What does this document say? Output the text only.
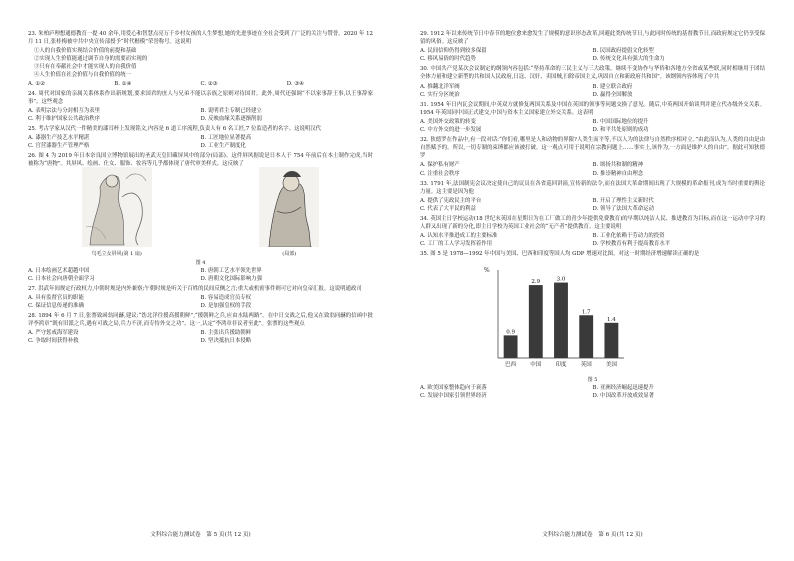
23. 朱柏庐理想通德教育一提 40 余年,用爱心和智慧点亮万千乡村女孩的人生梦想,她的先进事迹在全社会受到了广泛的关注与赞誉。2020 年 12 月 11 日,张桂梅被中共中央宣传部授予“时代楷模”荣誉称号。这说明

①人的自我价值实现结合价值的前提和基础
②实现人生价值能通过调节自身的需要而实现的
③只有在奉献社会中才能实现人的自我价值
④人生价值在社会价值与自我价值的统一
A. ①②	B. ①④	C. ②③	D. ③④

24. 周代对国家的亲属关系体系作出新规划,要求国君的庶人与兄弟不能以亲族之原则对待国君。此外,周代还强调“不以家事辞王事,以王事辞家事”。这些观念

A. 表明宗法与分封相互为表里	B. 说明君主专制已经建立
C. 利于维护国家公共政治秩序	D. 反映血缘关系逐渐削弱

25. 考古学家从汉代一件精美的漆耳杯上发现铭文,内容是 6 道工序流程,负责人有 6 名工匠,7 位监造者的名字。这说明汉代

A. 漆器生产技艺水平精湛	B. 工匠地位显著提高
C. 官营漆器生产管理严格	D. 工业生产制度化

26. 图 4 为 2019 年日本奈良国立博物馆展出的圣武天皇旧藏屏风中的部分(局部)。这件屏风据说是日本人于 754 年前后在本土制作完成,当时被称为“唐物”。其屏风、绘画、仕女、服饰、妆容等几乎都体现了唐代审美样式。这反映了

鸟毛立女屏风(第 1 扇)	(局部)
图 4
A. 日本绘画艺术超越中国	B. 唐朝工艺水平领先世界
C. 日本社会向唐朝全面学习	D. 唐朝文化国际影响力强

27. 洪武年间规定行政权力,中朝时规是内外兼察;午朝时规是听关于百姓的民间反侧之言;重大或机密事件则可它对向皇帝汇报。这说明通政司

A. 具有监督官员的职能	B. 容易造成官员专权
C. 保证信息传递的准确	D. 是加强皇权的手段

28. 1894 年 6 月 7 日,张謇致函翁同龢,建议:“饬北洋往援高援朝鲜”,“援朝鲜之兵,应由水陆两路”。在中日交战之后,他又在致翁同龢的信函中批评李鸿章“既有旧派之兵,遇有可战之局,兵力不济,而专恃外交之功”。这一,认定“李鸿章非议者至此”。张謇的这些观点

A. 严守惩戒海军建设	B. 主张出兵援助朝鲜
C. 争取时间获得补救	D. 坚决抵抗日本侵略

29. 1912 年以来传统节日中春节的地位愈来愈发生了规模的意识形态改革,回避此类传统节日,与此同时传统的基督教节日,而政府规定它仍享受保留的风俗。这反映了

A. 民间信仰仍得到较多保留	B. 民国政府提倡文化转型
C. 移风易俗的时代趋势	D. 传统文化具有强大的生命力

30. 中国共产党某次会议制定的纲领内容包括:“坚持革命的三民主义与三大政策。继续不变协作与华侨和各地方全省或某些联,同时相继用于团结全体力量和建立新型的共和国人民政府,日寇、汉奸、卖国贼,扫除帝国主义,巩固自立和新政府共和国”。该纲领内容体现了中共

A. 推翻北洋军阀	B. 建立联合政府
C. 实行分区统治	D. 赢得全国解放

31. 1954 年日内瓦会议期间,中英双方就修复两国关系及中国在英国的领事等问题交换了意见。随后,中英两国开始谈判并建立代办级外交关系。1954 年英国同中国正式建交,中国与资本主义国家建立外交关系。这表明

A. 美国外交政策的转变	B. 中国国际地位的提升
C. 中方外交的进一步发展	D. 和平共处原则的成功

32. 狄德罗在作品中,有一段对话:“你们看,哪里是人和动物的界限?人类生而平等,不以人为的法律与自然秩序相对立。”由此而认为,人类的自由是由自然赋予的。所以,一切专制的束缚都应该被打破。这一观点可用于说明在宗教问题上……事实上,该作为,一方面是维护人的自由”。据此可知狄德罗

A. 保护私有财产	B. 颂扬共和制的精神
C. 注重社会秩序	D. 推崇精神自由理念

33. 1791 年,法国制宪会议决定使自己的议员在各省巡回讲演,宣传新的法令,而在法国大革命期间出现了大规模的革命报刊,成为当时重要的舆论力量。这主要是因为他

A. 提供了宪政民主的平台	B. 开启了理性主义新时代
C. 代表了大平民的利益	D. 领导了法国大革命运动

34. 英国主日学校运动(18 世纪末英国在星期日为在工厂做工的青少年提供免费教育)的早期以纯洁人民、推进教育为目标,而在这一运动中学习的人群又出现了新的分化,即主日学校为英国工业社会的“无产者”提供教育。这主要说明

A. 认知水平推进成工的主要标准	B. 工业化依赖于劳动力的投资
C. 工厂的工人学习发挥着作用	D. 学校教育有利于提高教育水平

35. 图 5 是 1978—1992 年中国与美国、巴西和印度等国人均 GDP 增速对比图。对这一时期经济增速解读正确的是

%
0.9
巴西
2.9
中国
3.0
印度
1.7
英国
1.4
美国
图 5
A. 欧美国家整体趋向于衰落	B. 亚洲经济崛起迅速提升
C. 发展中国家引领世界经济	D. 中国改革开放成效显著
文科综合能力测试卷　第 5 页(共 12 页)	文科综合能力测试卷　第 6 页(共 12 页)
